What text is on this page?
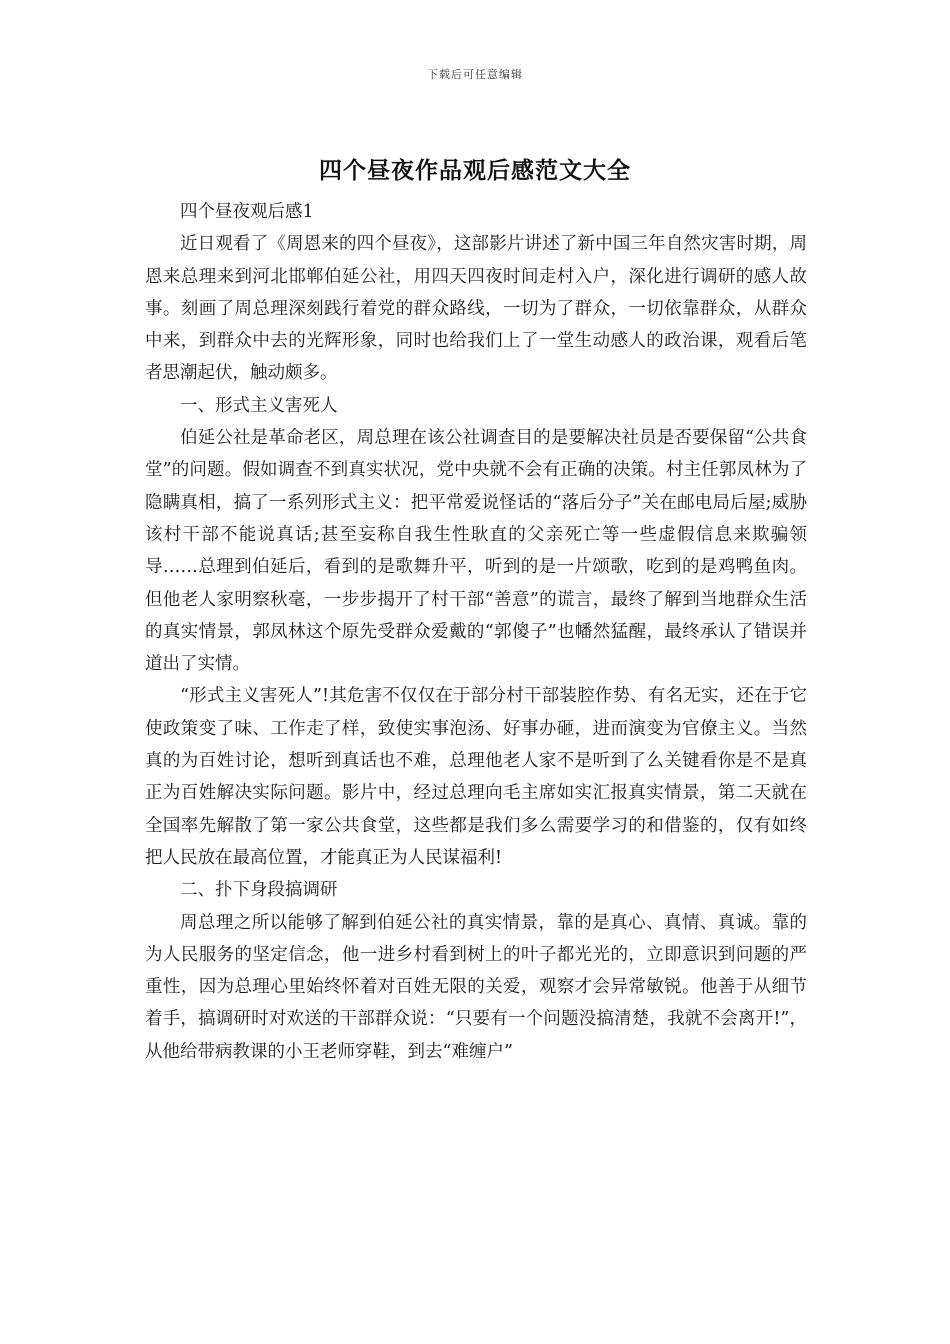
下载后可任意编辑
四个昼夜作品观后感范文大全

四个昼夜观后感1

近日观看了《周恩来的四个昼夜》，这部影片讲述了新中国三年自然灾害时期，周恩来总理来到河北邯郸伯延公社，用四天四夜时间走村入户，深化进行调研的感人故事。刻画了周总理深刻践行着党的群众路线，一切为了群众，一切依靠群众，从群众中来，到群众中去的光辉形象，同时也给我们上了一堂生动感人的政治课，观看后笔者思潮起伏，触动颇多。

一、形式主义害死人

伯延公社是革命老区，周总理在该公社调查目的是要解决社员是否要保留“公共食堂”的问题。假如调查不到真实状况，党中央就不会有正确的决策。村主任郭凤林为了隐瞒真相，搞了一系列形式主义：把平常爱说怪话的“落后分子”关在邮电局后屋;威胁该村干部不能说真话;甚至妄称自我生性耿直的父亲死亡等一些虚假信息来欺骗领导……总理到伯延后，看到的是歌舞升平，听到的是一片颂歌，吃到的是鸡鸭鱼肉。但他老人家明察秋毫，一步步揭开了村干部“善意”的谎言，最终了解到当地群众生活的真实情景，郭凤林这个原先受群众爱戴的“郭傻子”也幡然猛醒，最终承认了错误并道出了实情。

“形式主义害死人”!其危害不仅仅在于部分村干部装腔作势、有名无实，还在于它使政策变了味、工作走了样，致使实事泡汤、好事办砸，进而演变为官僚主义。当然真的为百姓讨论，想听到真话也不难，总理他老人家不是听到了么关键看你是不是真正为百姓解决实际问题。影片中，经过总理向毛主席如实汇报真实情景，第二天就在全国率先解散了第一家公共食堂，这些都是我们多么需要学习的和借鉴的，仅有如终把人民放在最高位置，才能真正为人民谋福利!

二、扑下身段搞调研

周总理之所以能够了解到伯延公社的真实情景，靠的是真心、真情、真诚。靠的为人民服务的坚定信念，他一进乡村看到树上的叶子都光光的，立即意识到问题的严重性，因为总理心里始终怀着对百姓无限的关爱，观察才会异常敏锐。他善于从细节着手，搞调研时对欢送的干部群众说：“只要有一个问题没搞清楚，我就不会离开!”，从他给带病教课的小王老师穿鞋，到去“难缠户”
